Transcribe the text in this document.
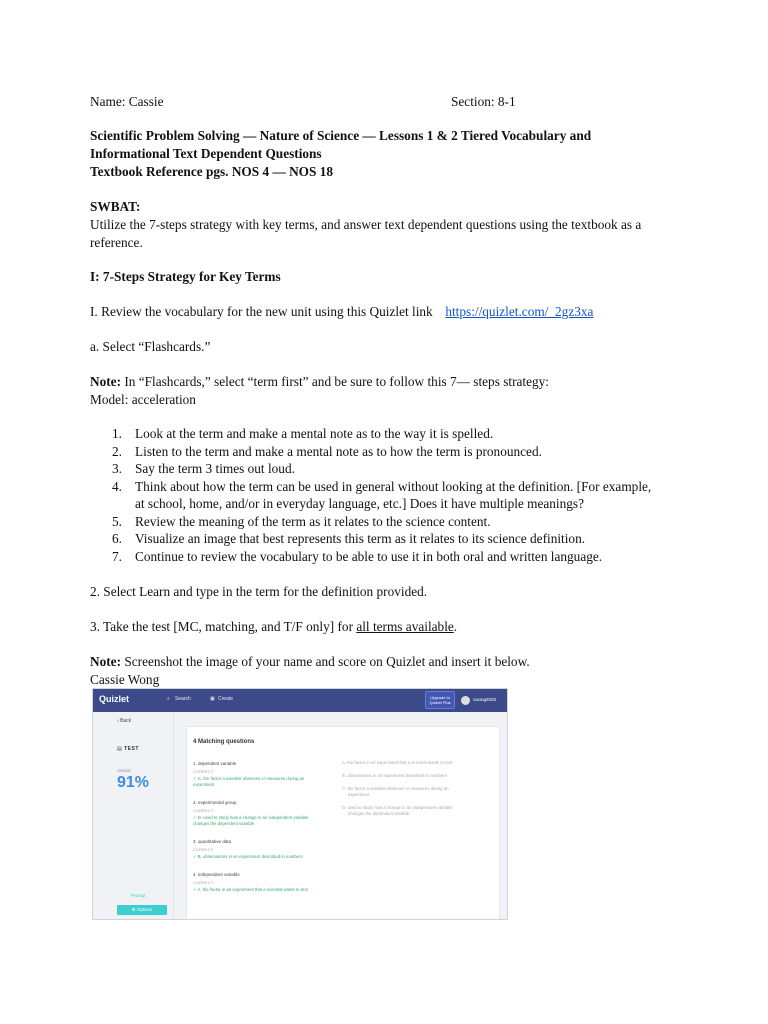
Name: Cassie	Section: 8-1
Scientific Problem Solving — Nature of Science — Lessons 1 & 2 Tiered Vocabulary and
Informational Text Dependent Questions
Textbook Reference pgs. NOS 4 — NOS 18
SWBAT:
Utilize the 7-steps strategy with key terms, and answer text dependent questions using the textbook as a
reference.
I: 7-Steps Strategy for Key Terms
I. Review the vocabulary for the new unit using this Quizlet link https://quizlet.com/_2gz3xa
a. Select “Flashcards.”
Note: In “Flashcards,” select “term first” and be sure to follow this 7— steps strategy:
Model: acceleration
1. Look at the term and make a mental note as to the way it is spelled.
2. Listen to the term and make a mental note as to how the term is pronounced.
3. Say the term 3 times out loud.
4. Think about how the term can be used in general without looking at the definition. [For example,
at school, home, and/or in everyday language, etc.] Does it have multiple meanings?
5. Review the meaning of the term as it relates to the science content.
6. Visualize an image that best represents this term as it relates to its science definition.
7. Continue to review the vocabulary to be able to use it in both oral and written language.
2. Select Learn and type in the term for the definition provided.
3. Take the test [MC, matching, and T/F only] for all terms available.
Note: Screenshot the image of your name and score on Quizlet and insert it below.
Cassie Wong
Quizlet	⌕ Search	▣ Create	Upgrade to Quizlet Plus
cwong2020
‹ Back
▤ TEST
GRADE
91%
Prompt
⚙ Options
4 Matching questions
1. dependent variable
CORRECT
✓ C. the factor a scientist observes or measures during an
experiment
2. experimental group
CORRECT
✓ D. used to study how a change in an independent variable
changes the dependent variable
3. quantitative data
CORRECT
✓ B. observations in an experiment described in numbers
4. independent variable
CORRECT
✓ A. the factor in an experiment that a scientist wants to test
A. the factor in an experiment that a scientist wants to test
B. observations in an experiment described in numbers
C. the factor a scientist observes or measures during an
experiment
D. used to study how a change in an independent variable
changes the dependent variable
